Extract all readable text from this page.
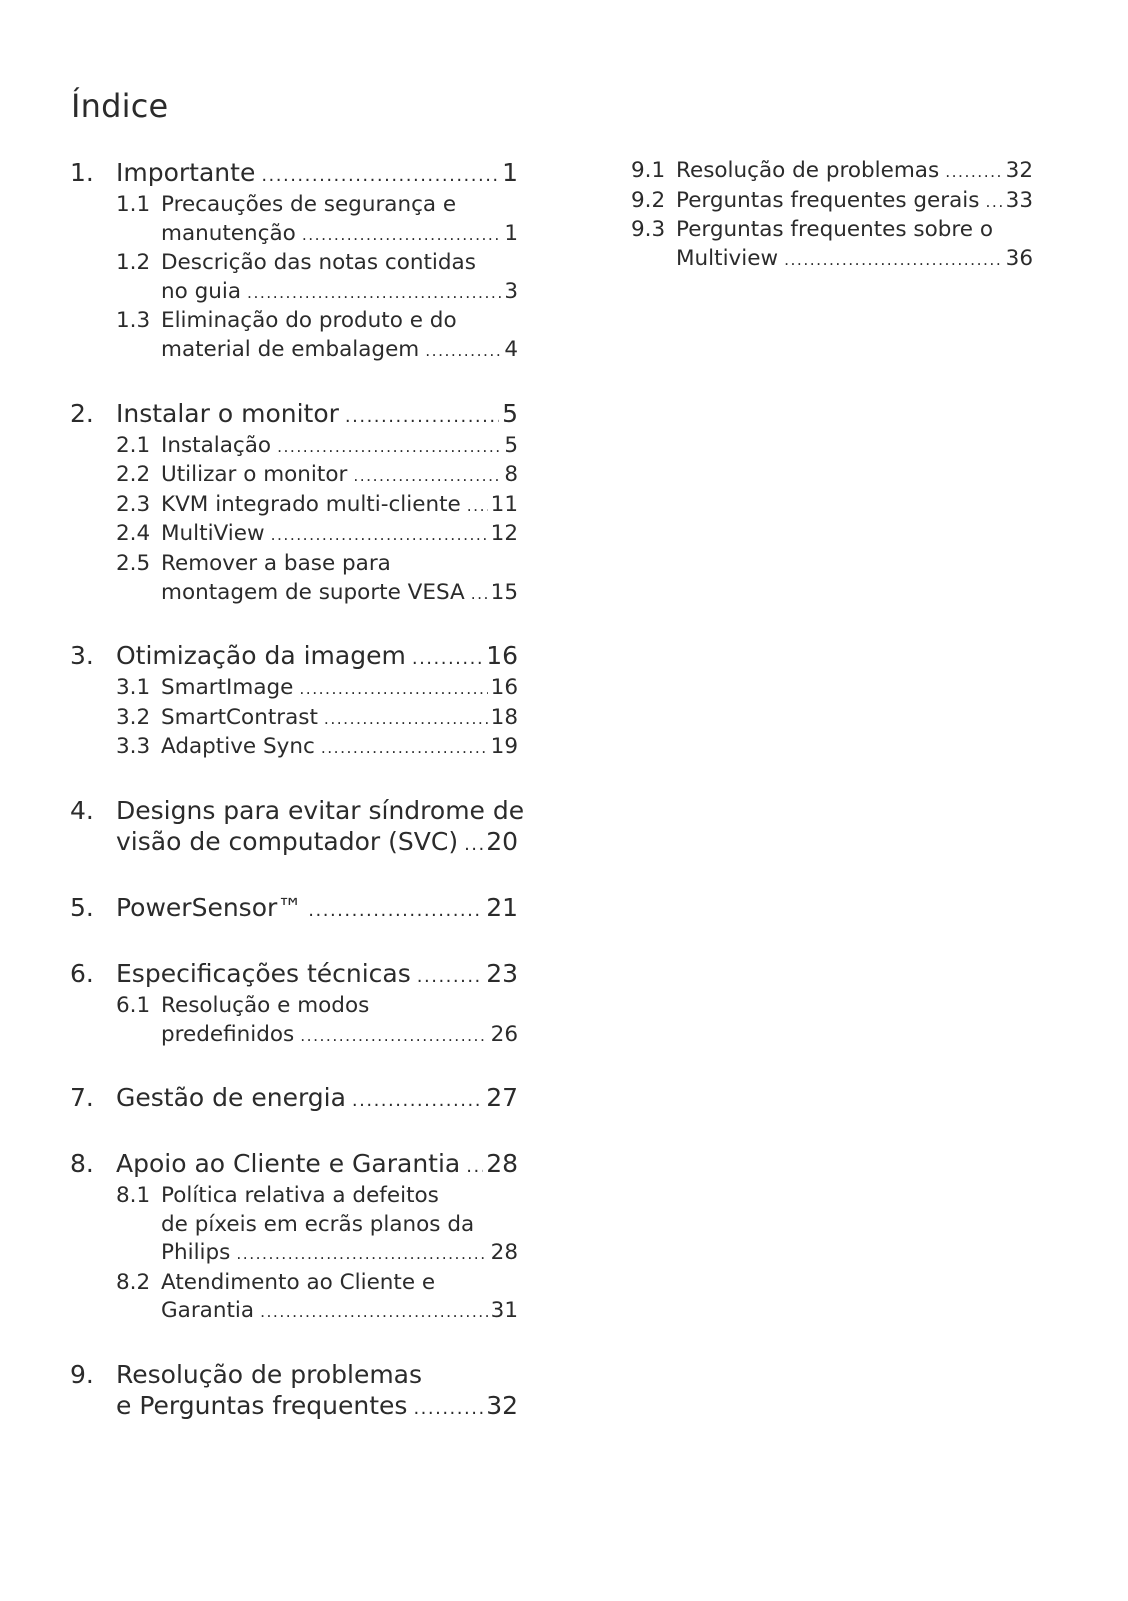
Índice
1. Importante .....	1
1.1 Precauções de segurança e
manutenção .....	1
1.2 Descrição das notas contidas
no guia .....	3
1.3 Eliminação do produto e do
material de embalagem .....	4
2. Instalar o monitor .....	5
2.1 Instalação .....	5
2.2 Utilizar o monitor .....	8
2.3 KVM integrado multi-cliente ..... 11
2.4 MultiView .....	12
2.5 Remover a base para
montagem de suporte VESA ..... 15
3. Otimização da imagem .....	16
3.1 SmartImage .....	16
3.2 SmartContrast .....	18
3.3 Adaptive Sync .....	19
4. Designs para evitar síndrome de
visão de computador (SVC) ..... 20
5. PowerSensor™ .....	21
6. Especificações técnicas .....	23
6.1 Resolução e modos
predefinidos .....	26
7. Gestão de energia .....	27
8. Apoio ao Cliente e Garantia ..... 28
8.1 Política relativa a defeitos
de píxeis em ecrãs planos da
Philips .....	28
8.2 Atendimento ao Cliente e
Garantia .....	31
9. Resolução de problemas
e Perguntas frequentes .....	32
9.1 Resolução de problemas .....	32
9.2 Perguntas frequentes gerais ..... 33
9.3 Perguntas frequentes sobre o
Multiview .....	36
